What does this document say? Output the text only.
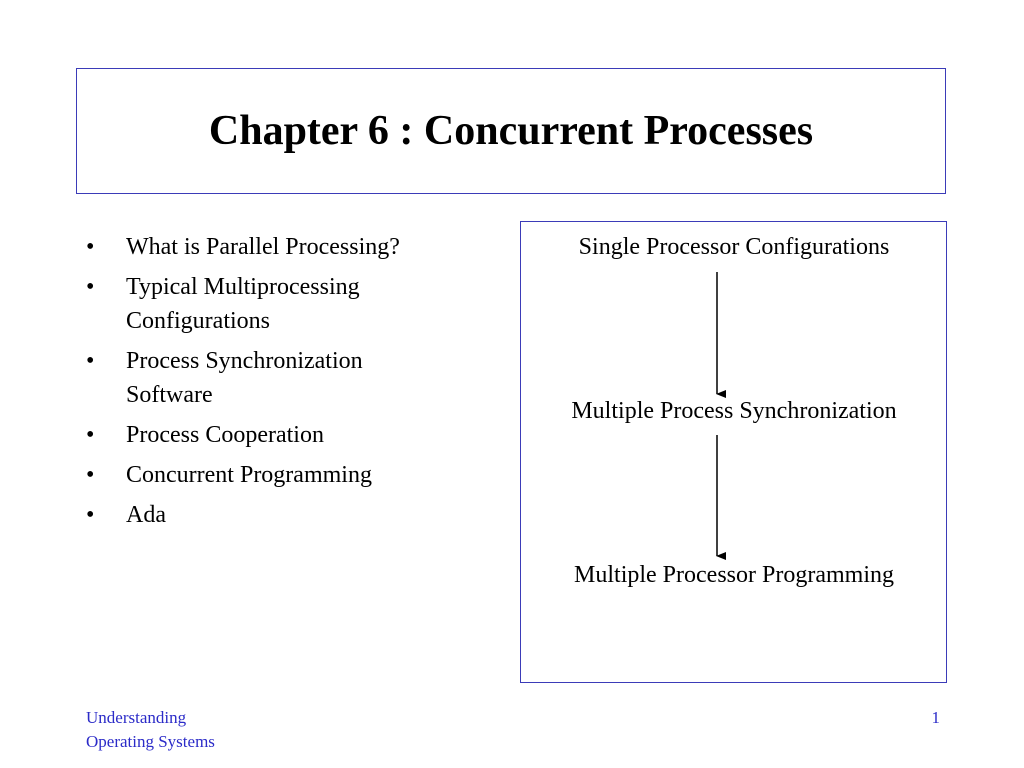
Chapter 6 : Concurrent Processes
• What is Parallel Processing?
• Typical Multiprocessing
Configurations
• Process Synchronization
Software
• Process Cooperation
• Concurrent Programming
• Ada
Single Processor Configurations
Multiple Process Synchronization
Multiple Processor Programming
Understanding
Operating Systems
1
